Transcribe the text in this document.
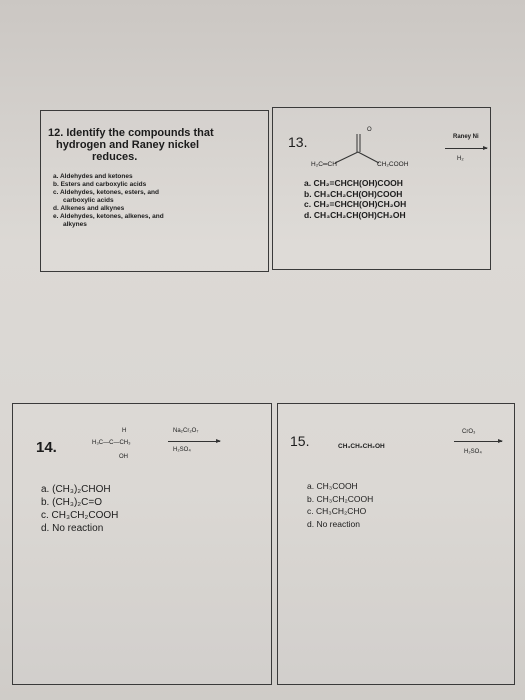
12. Identify the compounds that
hydrogen and Raney nickel
reduces.
a. Aldehydes and ketones
b. Esters and carboxylic acids
c. Aldehydes, ketones, esters, and
carboxylic acids
d. Alkenes and alkynes
e. Aldehydes, ketones, alkenes, and
alkynes
13.
O
H₂C═CH	CH₂COOH
Raney Ni
H₂
a. CH₂=CHCH(OH)COOH
b. CH₃CH₂CH(OH)COOH
c. CH₂=CHCH(OH)CH₂OH
d. CH₃CH₂CH(OH)CH₂OH
14.
H
H₃C—C—CH₃
OH
Na₂Cr₂O₇
H₂SO₄
a. (CH₃)₂CHOH
b. (CH₃)₂C=O
c. CH₃CH₂COOH
d. No reaction
15.	CH₃CH₂CH₂OH
CrO₃
H₂SO₄
a. CH₃COOH
b. CH₃CH₂COOH
c. CH₃CH₂CHO
d. No reaction
